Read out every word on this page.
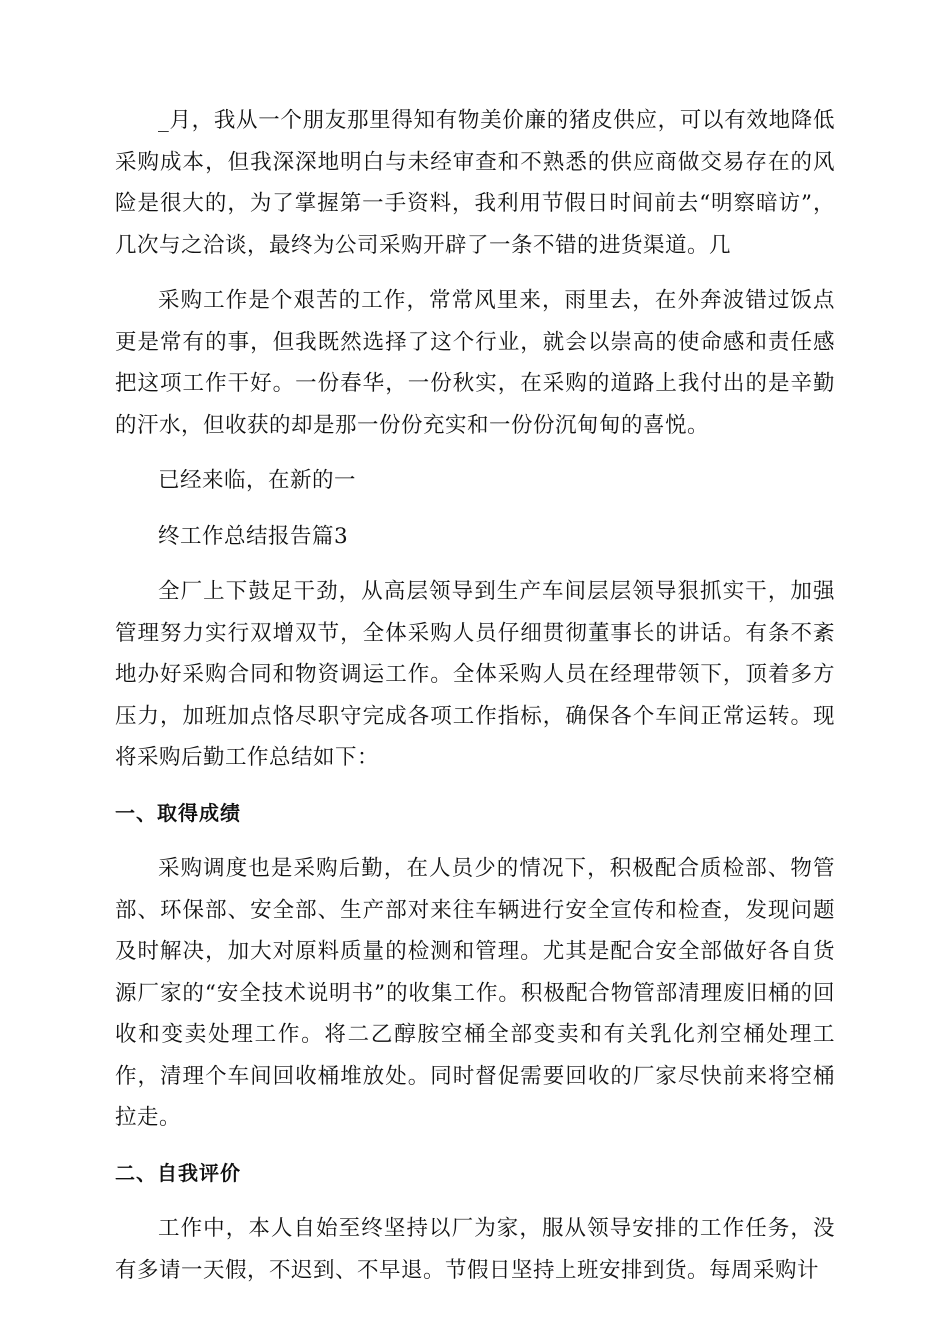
_月，我从一个朋友那里得知有物美价廉的猪皮供应，可以有效地降低采购成本，但我深深地明白与未经审查和不熟悉的供应商做交易存在的风险是很大的，为了掌握第一手资料，我利用节假日时间前去“明察暗访”，几次与之洽谈，最终为公司采购开辟了一条不错的进货渠道。几

采购工作是个艰苦的工作，常常风里来，雨里去，在外奔波错过饭点更是常有的事，但我既然选择了这个行业，就会以崇高的使命感和责任感把这项工作干好。一份春华，一份秋实，在采购的道路上我付出的是辛勤的汗水，但收获的却是那一份份充实和一份份沉甸甸的喜悦。

已经来临，在新的一

终工作总结报告篇3

全厂上下鼓足干劲，从高层领导到生产车间层层领导狠抓实干，加强管理努力实行双增双节，全体采购人员仔细贯彻董事长的讲话。有条不紊地办好采购合同和物资调运工作。全体采购人员在经理带领下，顶着多方压力，加班加点恪尽职守完成各项工作指标，确保各个车间正常运转。现将采购后勤工作总结如下：

一、取得成绩

采购调度也是采购后勤，在人员少的情况下，积极配合质检部、物管部、环保部、安全部、生产部对来往车辆进行安全宣传和检查，发现问题及时解决，加大对原料质量的检测和管理。尤其是配合安全部做好各自货源厂家的“安全技术说明书”的收集工作。积极配合物管部清理废旧桶的回收和变卖处理工作。将二乙醇胺空桶全部变卖和有关乳化剂空桶处理工作，清理个车间回收桶堆放处。同时督促需要回收的厂家尽快前来将空桶拉走。

二、自我评价

工作中，本人自始至终坚持以厂为家，服从领导安排的工作任务，没有多请一天假，不迟到、不早退。节假日坚持上班安排到货。每周采购计
